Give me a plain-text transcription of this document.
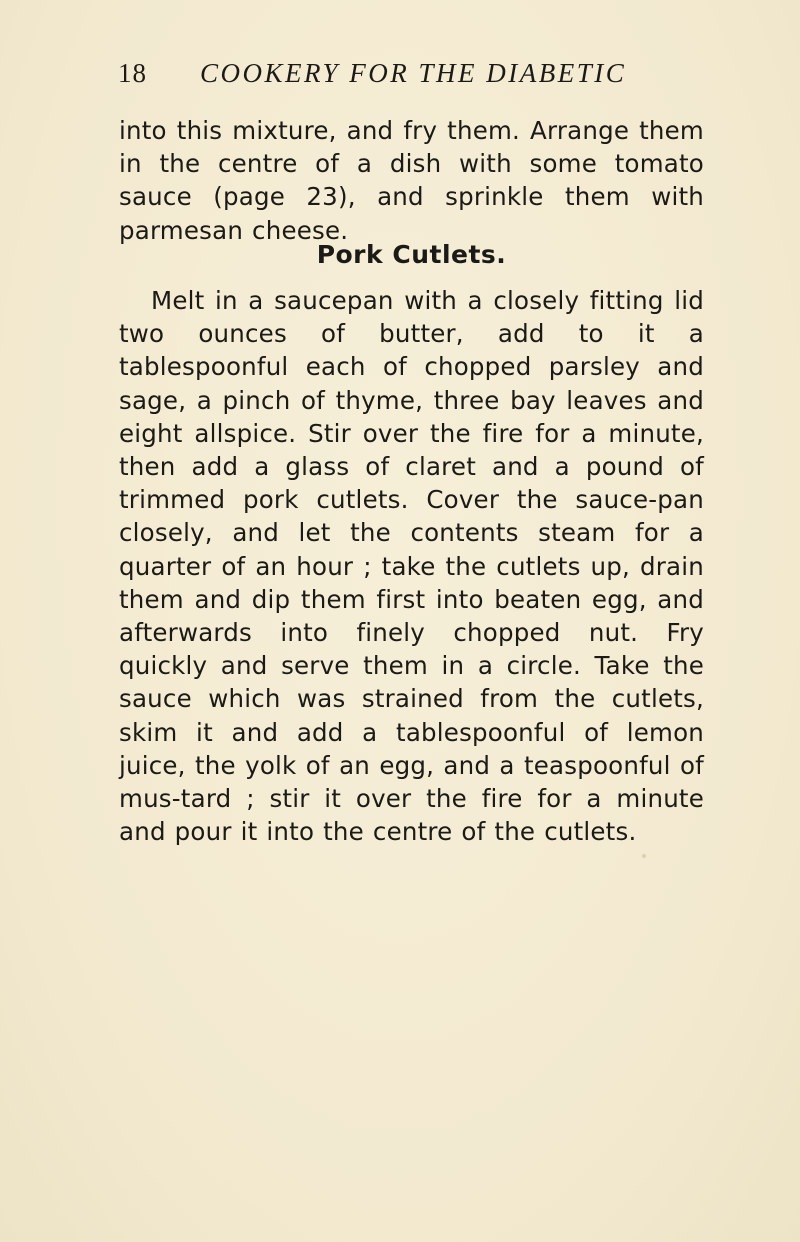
18 COOKERY FOR THE DIABETIC

into this mixture, and fry them. Arrange them in the centre of a dish with some tomato sauce (page 23), and sprinkle them with parmesan cheese.

Pork Cutlets.

Melt in a saucepan with a closely fitting lid two ounces of butter, add to it a tablespoonful each of chopped parsley and sage, a pinch of thyme, three bay leaves and eight allspice. Stir over the fire for a minute, then add a glass of claret and a pound of trimmed pork cutlets. Cover the sauce-pan closely, and let the contents steam for a quarter of an hour ; take the cutlets up, drain them and dip them first into beaten egg, and afterwards into finely chopped nut. Fry quickly and serve them in a circle. Take the sauce which was strained from the cutlets, skim it and add a tablespoonful of lemon juice, the yolk of an egg, and a teaspoonful of mus-tard ; stir it over the fire for a minute and pour it into the centre of the cutlets.
